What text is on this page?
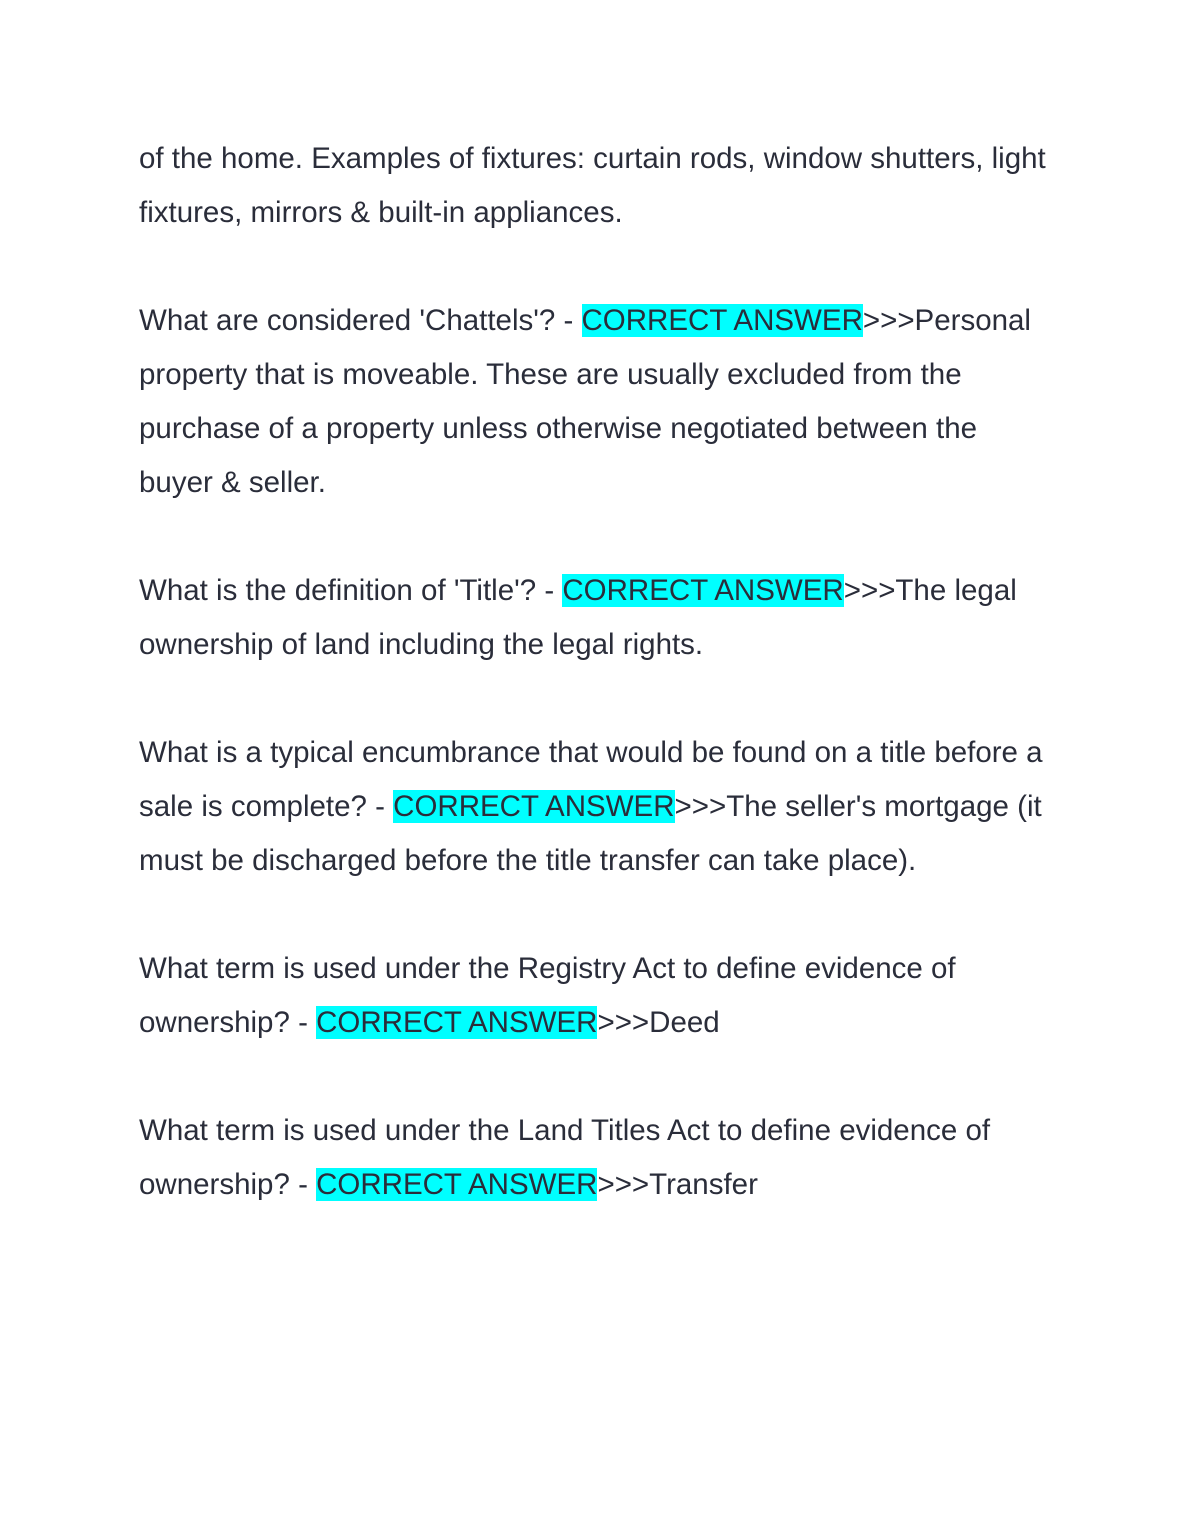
of the home. Examples of fixtures: curtain rods, window shutters, light fixtures, mirrors & built-in appliances.

What are considered 'Chattels'? - CORRECT ANSWER>>>Personal property that is moveable. These are usually excluded from the purchase of a property unless otherwise negotiated between the buyer & seller.

What is the definition of 'Title'? - CORRECT ANSWER>>>The legal ownership of land including the legal rights.

What is a typical encumbrance that would be found on a title before a sale is complete? - CORRECT ANSWER>>>The seller's mortgage (it must be discharged before the title transfer can take place).

What term is used under the Registry Act to define evidence of ownership? - CORRECT ANSWER>>>Deed

What term is used under the Land Titles Act to define evidence of ownership? - CORRECT ANSWER>>>Transfer
